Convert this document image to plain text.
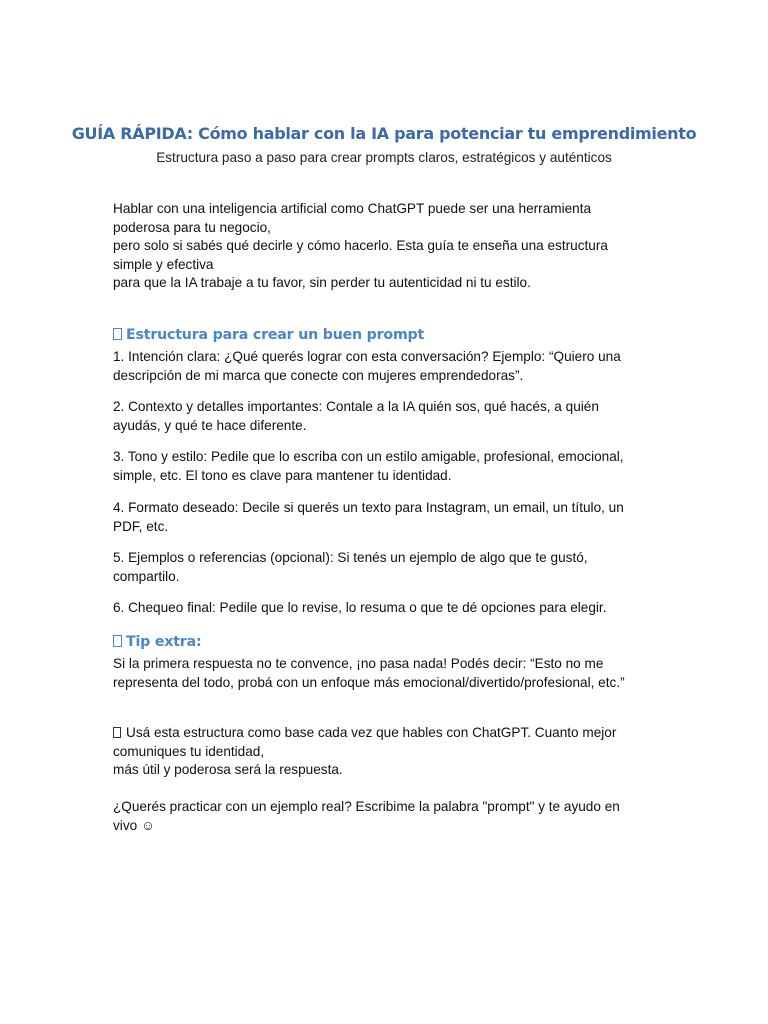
GUÍA RÁPIDA: Cómo hablar con la IA para potenciar tu emprendimiento
Estructura paso a paso para crear prompts claros, estratégicos y auténticos
Hablar con una inteligencia artificial como ChatGPT puede ser una herramienta
poderosa para tu negocio,
pero solo si sabés qué decirle y cómo hacerlo. Esta guía te enseña una estructura
simple y efectiva
para que la IA trabaje a tu favor, sin perder tu autenticidad ni tu estilo.
Estructura para crear un buen prompt
1. Intención clara: ¿Qué querés lograr con esta conversación? Ejemplo: “Quiero una
descripción de mi marca que conecte con mujeres emprendedoras”.
2. Contexto y detalles importantes: Contale a la IA quién sos, qué hacés, a quién
ayudás, y qué te hace diferente.
3. Tono y estilo: Pedile que lo escriba con un estilo amigable, profesional, emocional,
simple, etc. El tono es clave para mantener tu identidad.
4. Formato deseado: Decile si querés un texto para Instagram, un email, un título, un
PDF, etc.
5. Ejemplos o referencias (opcional): Si tenés un ejemplo de algo que te gustó,
compartilo.
6. Chequeo final: Pedile que lo revise, lo resuma o que te dé opciones para elegir.
Tip extra:
Si la primera respuesta no te convence, ¡no pasa nada! Podés decir: “Esto no me
representa del todo, probá con un enfoque más emocional/divertido/profesional, etc.”
Usá esta estructura como base cada vez que hables con ChatGPT. Cuanto mejor
comuniques tu identidad,
más útil y poderosa será la respuesta.
¿Querés practicar con un ejemplo real? Escribime la palabra "prompt" y te ayudo en
vivo ☺
